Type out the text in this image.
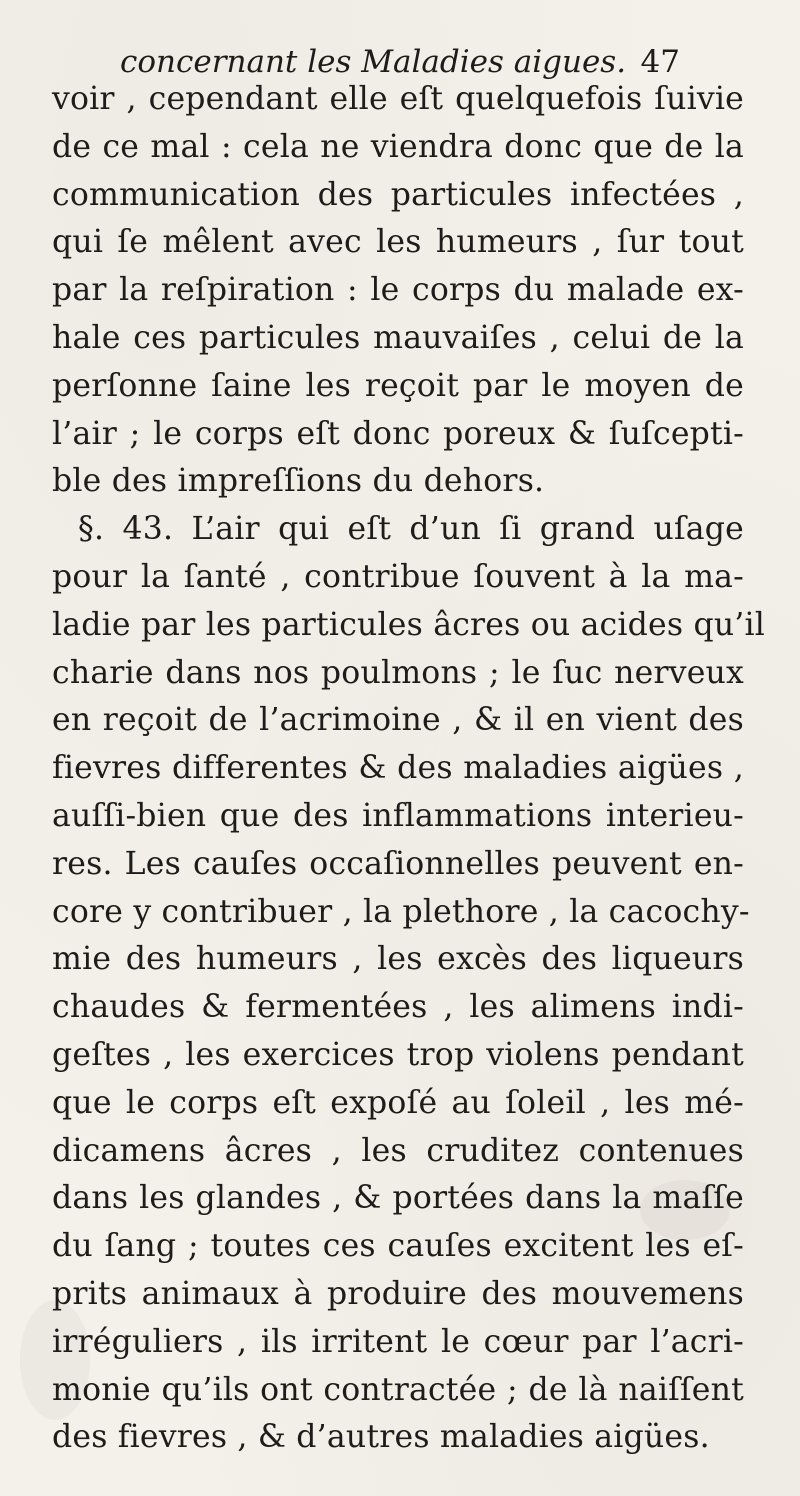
concernant les Maladies aigues. 47
voir , cependant elle eſt quelquefois ſuivie
de ce mal : cela ne viendra donc que de la
communication des particules infectées ,
qui ſe mêlent avec les humeurs , ſur tout
par la reſpiration : le corps du malade ex-
hale ces particules mauvaiſes , celui de la
perſonne ſaine les reçoit par le moyen de
l’air ; le corps eſt donc poreux & ſuſcepti-
ble des impreſſions du dehors.
§. 43. L’air qui eſt d’un ſi grand uſage
pour la ſanté , contribue ſouvent à la ma-
ladie par les particules âcres ou acides qu’il
charie dans nos poulmons ; le ſuc nerveux
en reçoit de l’acrimoine , & il en vient des
fievres differentes & des maladies aigües ,
auſſi-bien que des inflammations interieu-
res. Les cauſes occaſionnelles peuvent en-
core y contribuer , la plethore , la cacochy-
mie des humeurs , les excès des liqueurs
chaudes & fermentées , les alimens indi-
geſtes , les exercices trop violens pendant
que le corps eſt expoſé au ſoleil , les mé-
dicamens âcres , les cruditez contenues
dans les glandes , & portées dans la maſſe
du ſang ; toutes ces cauſes excitent les eſ-
prits animaux à produire des mouvemens
irréguliers , ils irritent le cœur par l’acri-
monie qu’ils ont contractée ; de là naiſſent
des fievres , & d’autres maladies aigües.
